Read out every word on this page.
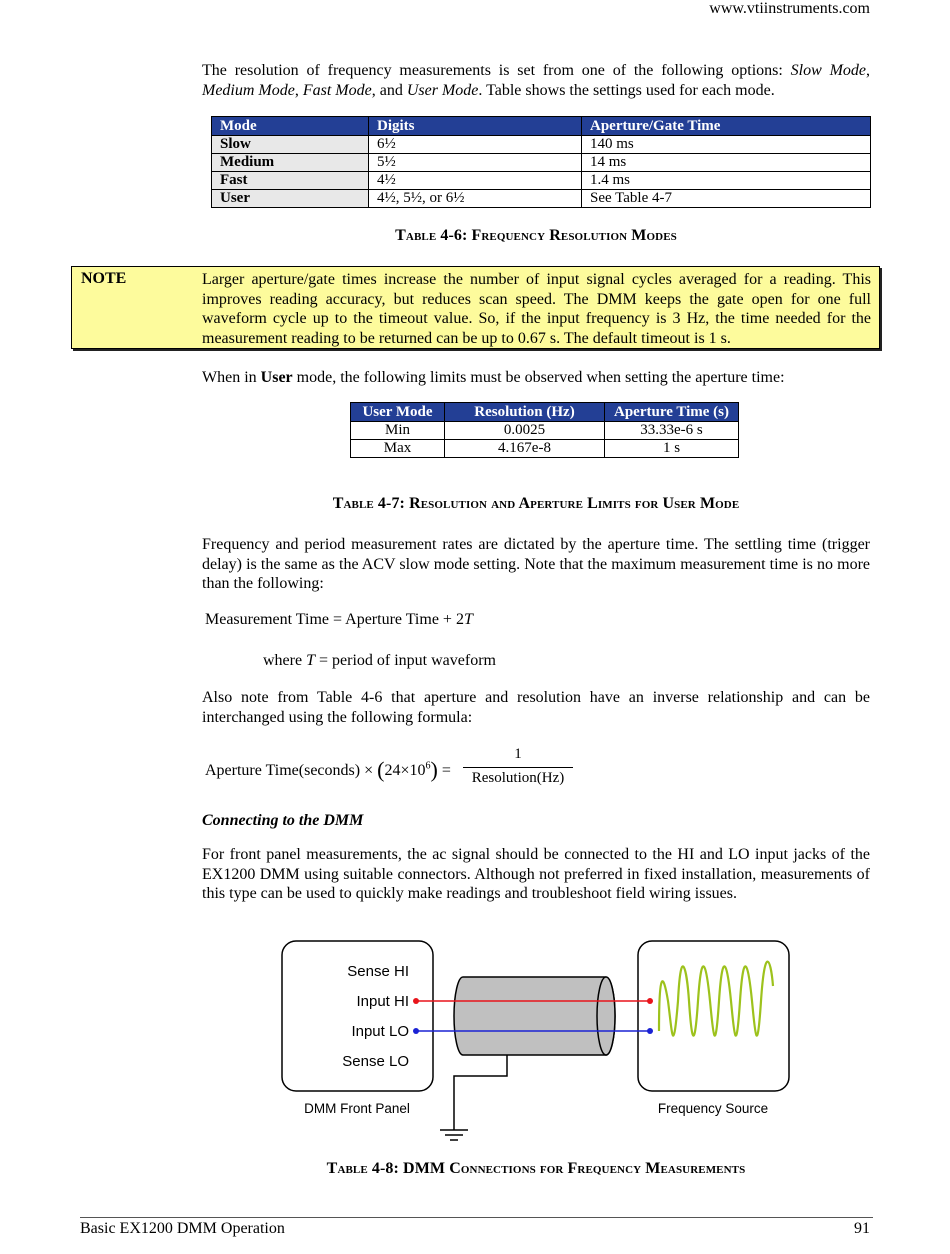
www.vtiinstruments.com
The resolution of frequency measurements is set from one of the following options: Slow Mode, Medium Mode, Fast Mode, and User Mode. Table shows the settings used for each mode.
Mode	Digits	Aperture/Gate Time
Slow	6½	140 ms
Medium	5½	14 ms
Fast	4½	1.4 ms
User	4½, 5½, or 6½	See Table 4-7
Table 4-6: Frequency Resolution Modes
NOTE	Larger aperture/gate times increase the number of input signal cycles averaged for a reading. This improves reading accuracy, but reduces scan speed. The DMM keeps the gate open for one full waveform cycle up to the timeout value. So, if the input frequency is 3 Hz, the time needed for the measurement reading to be returned can be up to 0.67 s. The default timeout is 1 s.
When in User mode, the following limits must be observed when setting the aperture time:
User Mode	Resolution (Hz)	Aperture Time (s)
Min	0.0025	33.33e-6 s
Max	4.167e-8	1 s
Table 4-7: Resolution and Aperture Limits for User Mode
Frequency and period measurement rates are dictated by the aperture time. The settling time (trigger delay) is the same as the ACV slow mode setting. Note that the maximum measurement time is no more than the following:
Measurement Time = Aperture Time + 2T
where T = period of input waveform
Also note from Table 4-6 that aperture and resolution have an inverse relationship and can be interchanged using the following formula:
Aperture Time(seconds) × $(24\times 10^6)$ =
1
Resolution(Hz)
Connecting to the DMM
For front panel measurements, the ac signal should be connected to the HI and LO input jacks of the EX1200 DMM using suitable connectors. Although not preferred in fixed installation, measurements of this type can be used to quickly make readings and troubleshoot field wiring issues.
Sense HI
Input HI
Input LO
Sense LO
DMM Front Panel	Frequency Source
Table 4-8: DMM Connections for Frequency Measurements
Basic EX1200 DMM Operation	91
